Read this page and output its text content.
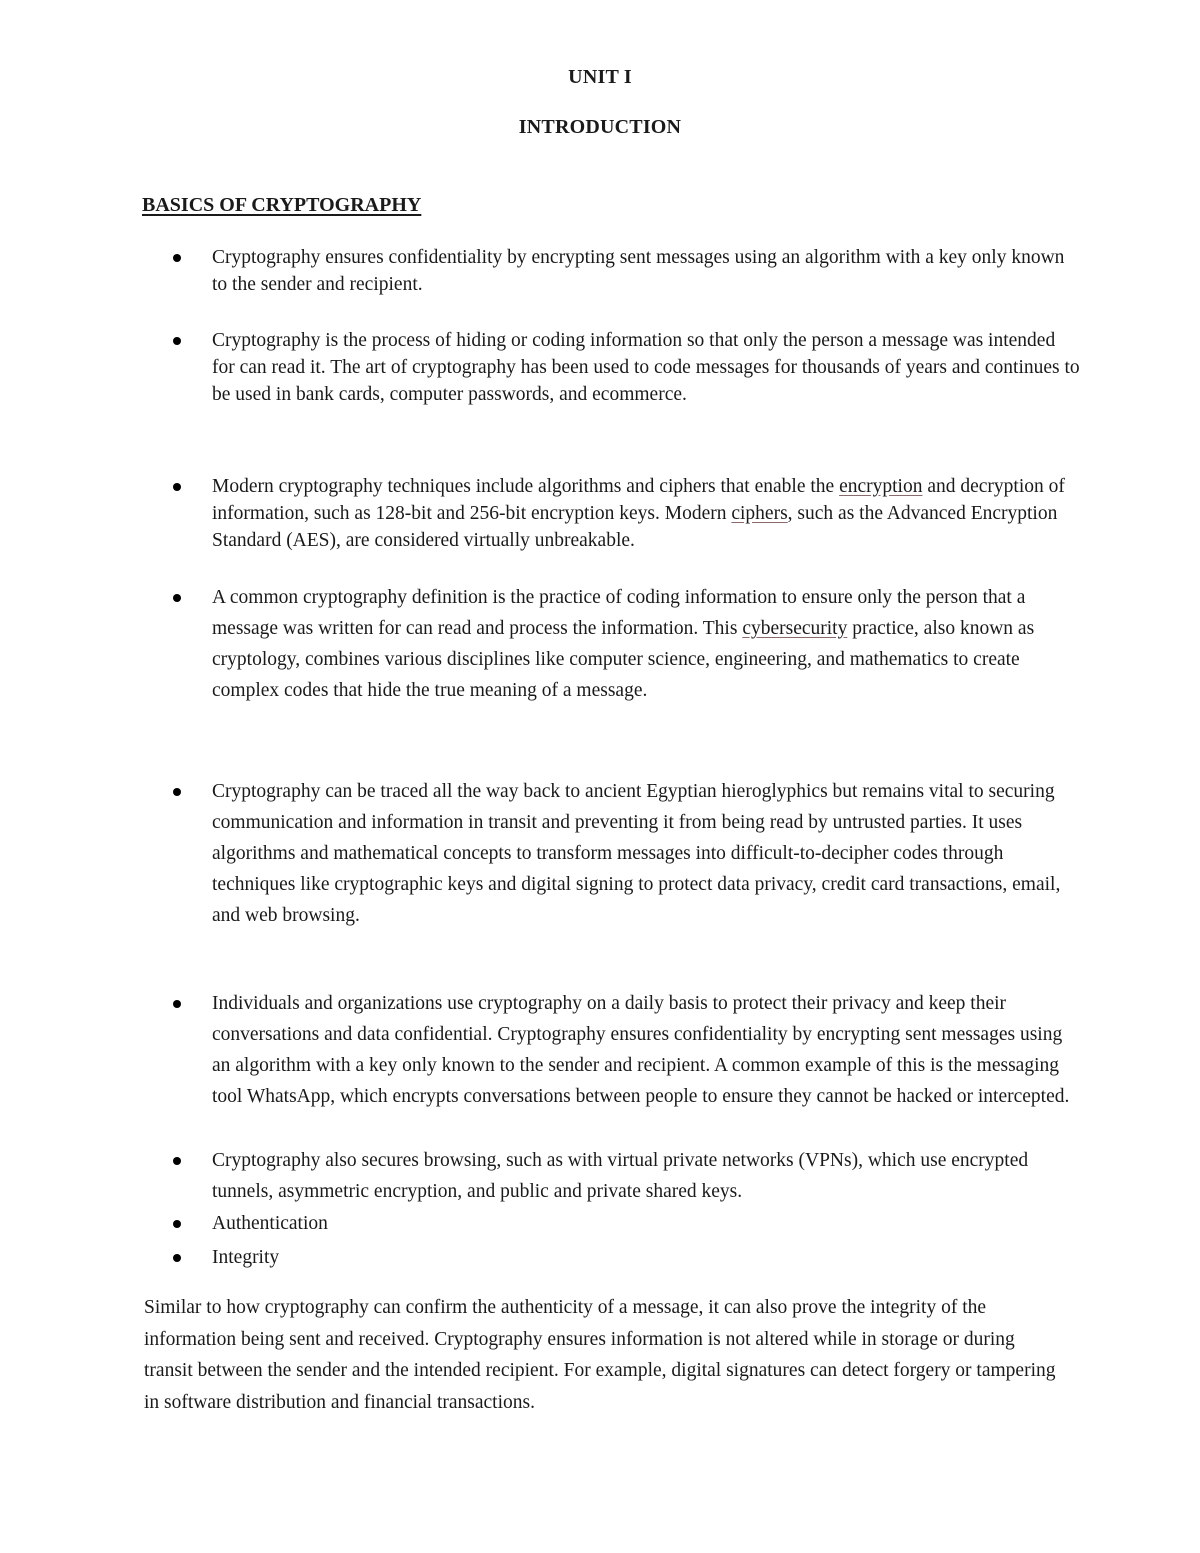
UNIT I
INTRODUCTION
BASICS OF CRYPTOGRAPHY
Cryptography ensures confidentiality by encrypting sent messages using an algorithm with a key only known to the sender and recipient.
Cryptography is the process of hiding or coding information so that only the person a message was intended for can read it. The art of cryptography has been used to code messages for thousands of years and continues to be used in bank cards, computer passwords, and ecommerce.
Modern cryptography techniques include algorithms and ciphers that enable the encryption and decryption of information, such as 128-bit and 256-bit encryption keys. Modern ciphers, such as the Advanced Encryption Standard (AES), are considered virtually unbreakable.
A common cryptography definition is the practice of coding information to ensure only the person that a message was written for can read and process the information. This cybersecurity practice, also known as cryptology, combines various disciplines like computer science, engineering, and mathematics to create complex codes that hide the true meaning of a message.
Cryptography can be traced all the way back to ancient Egyptian hieroglyphics but remains vital to securing communication and information in transit and preventing it from being read by untrusted parties. It uses algorithms and mathematical concepts to transform messages into difficult-to-decipher codes through techniques like cryptographic keys and digital signing to protect data privacy, credit card transactions, email, and web browsing.
Individuals and organizations use cryptography on a daily basis to protect their privacy and keep their conversations and data confidential. Cryptography ensures confidentiality by encrypting sent messages using an algorithm with a key only known to the sender and recipient. A common example of this is the messaging tool WhatsApp, which encrypts conversations between people to ensure they cannot be hacked or intercepted.
Cryptography also secures browsing, such as with virtual private networks (VPNs), which use encrypted tunnels, asymmetric encryption, and public and private shared keys.
Authentication
Integrity
Similar to how cryptography can confirm the authenticity of a message, it can also prove the integrity of the information being sent and received. Cryptography ensures information is not altered while in storage or during transit between the sender and the intended recipient. For example, digital signatures can detect forgery or tampering in software distribution and financial transactions.
